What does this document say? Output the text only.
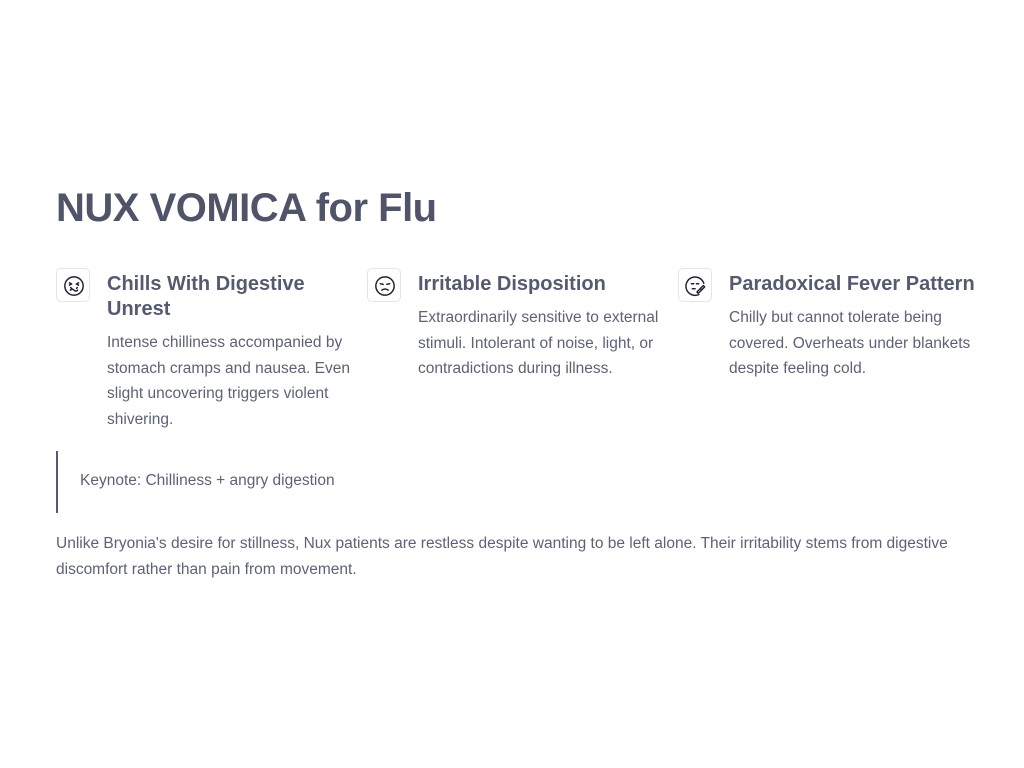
NUX VOMICA for Flu
Chills With Digestive Unrest

Intense chilliness accompanied by stomach cramps and nausea. Even slight uncovering triggers violent shivering.

Irritable Disposition

Extraordinarily sensitive to external stimuli. Intolerant of noise, light, or contradictions during illness.

Paradoxical Fever Pattern

Chilly but cannot tolerate being covered. Overheats under blankets despite feeling cold.

Keynote: Chilliness + angry digestion

Unlike Bryonia's desire for stillness, Nux patients are restless despite wanting to be left alone. Their irritability stems from digestive discomfort rather than pain from movement.
